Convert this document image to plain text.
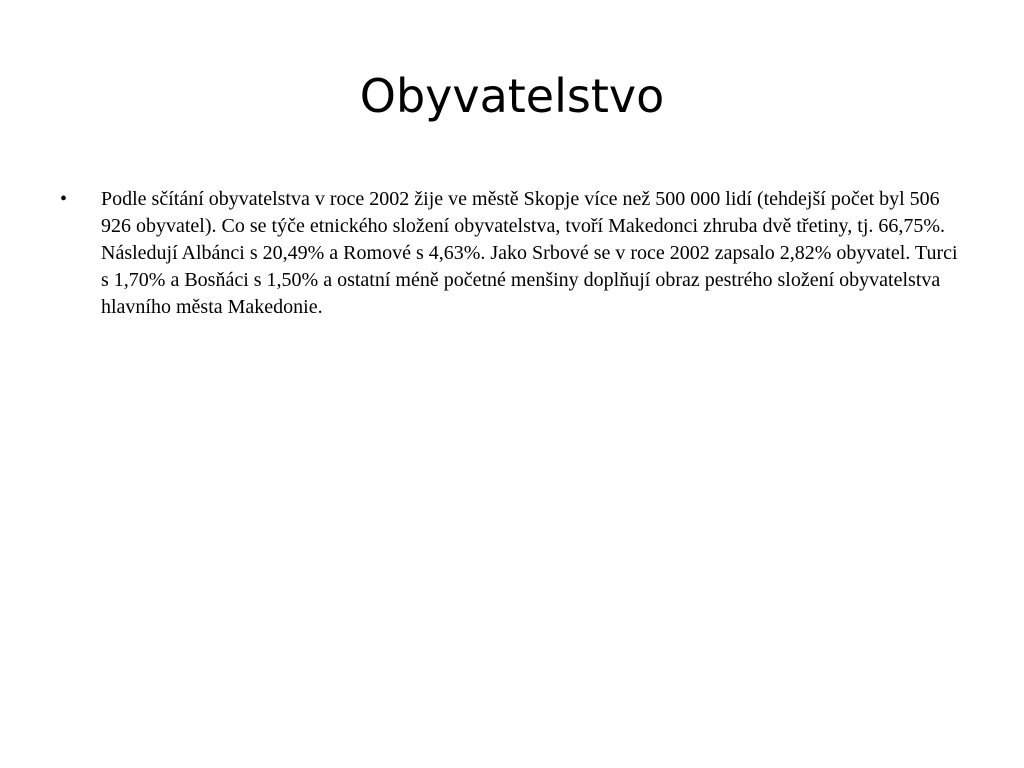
Obyvatelstvo
•	Podle sčítání obyvatelstva v roce 2002 žije ve městě Skopje více než 500 000 lidí (tehdejší počet byl 506 926 obyvatel). Co se týče etnického složení obyvatelstva, tvoří Makedonci zhruba dvě třetiny, tj. 66,75%. Následují Albánci s 20,49% a Romové s 4,63%. Jako Srbové se v roce 2002 zapsalo 2,82% obyvatel. Turci s 1,70% a Bosňáci s 1,50% a ostatní méně početné menšiny doplňují obraz pestrého složení obyvatelstva hlavního města Makedonie.
